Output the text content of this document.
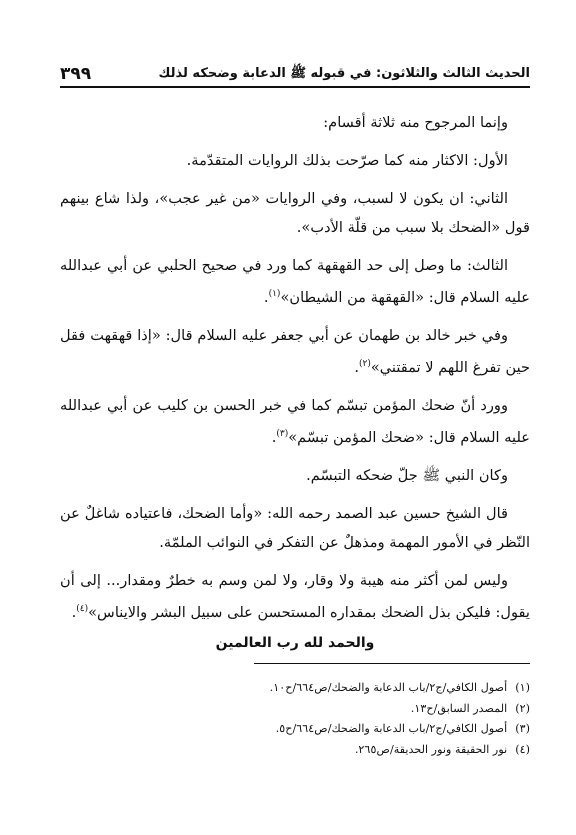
الحديث الثالث والثلاثون: في قبوله ﷺ الدعابة وضحكه لذلك
٣٩٩

وإنما المرجوح منه ثلاثة أقسام:

الأول: الاكثار منه كما صرّحت بذلك الروايات المتقدّمة.

الثاني: ان يكون لا لسبب، وفي الروايات «من غير عجب»، ولذا شاع بينهم قول «الضحك بلا سبب من قلّة الأدب».

الثالث: ما وصل إلى حد القهقهة كما ورد في صحيح الحلبي عن أبي عبدالله عليه السلام قال: «القهقهة من الشيطان»$^{(١)}$.

وفي خبر خالد بن طهمان عن أبي جعفر عليه السلام قال: «إذا قهقهت فقل حين تفرغ اللهم لا تمقتني»$^{(٢)}$.

وورد أنّ ضحك المؤمن تبسّم كما في خبر الحسن بن كليب عن أبي عبدالله عليه السلام قال: «ضحك المؤمن تبسّم»$^{(٣)}$.

وكان النبي ﷺ جلّ ضحكه التبسّم.

قال الشيخ حسين عبد الصمد رحمه الله: «وأما الضحك، فاعتياده شاغلٌ عن النّظر في الأمور المهمة ومذهلٌ عن التفكر في النوائب الملمّة.

وليس لمن أكثر منه هيبة ولا وقار، ولا لمن وسم به خطرٌ ومقدار... إلى أن يقول: فليكن بذل الضحك بمقداره المستحسن على سبيل البشر والايناس»$^{(٤)}$.

والحمد لله رب العالمين
(١)أصول الكافي/ج٢/باب الدعابة والضحك/ص٦٦٤/ح١٠.
(٢)المصدر السابق/ح١٣.
(٣)أصول الكافي/ج٢/باب الدعابة والضحك/ص٦٦٤/ح٥.
(٤)نور الحقيقة ونور الحديقة/ص٢٦٥.
